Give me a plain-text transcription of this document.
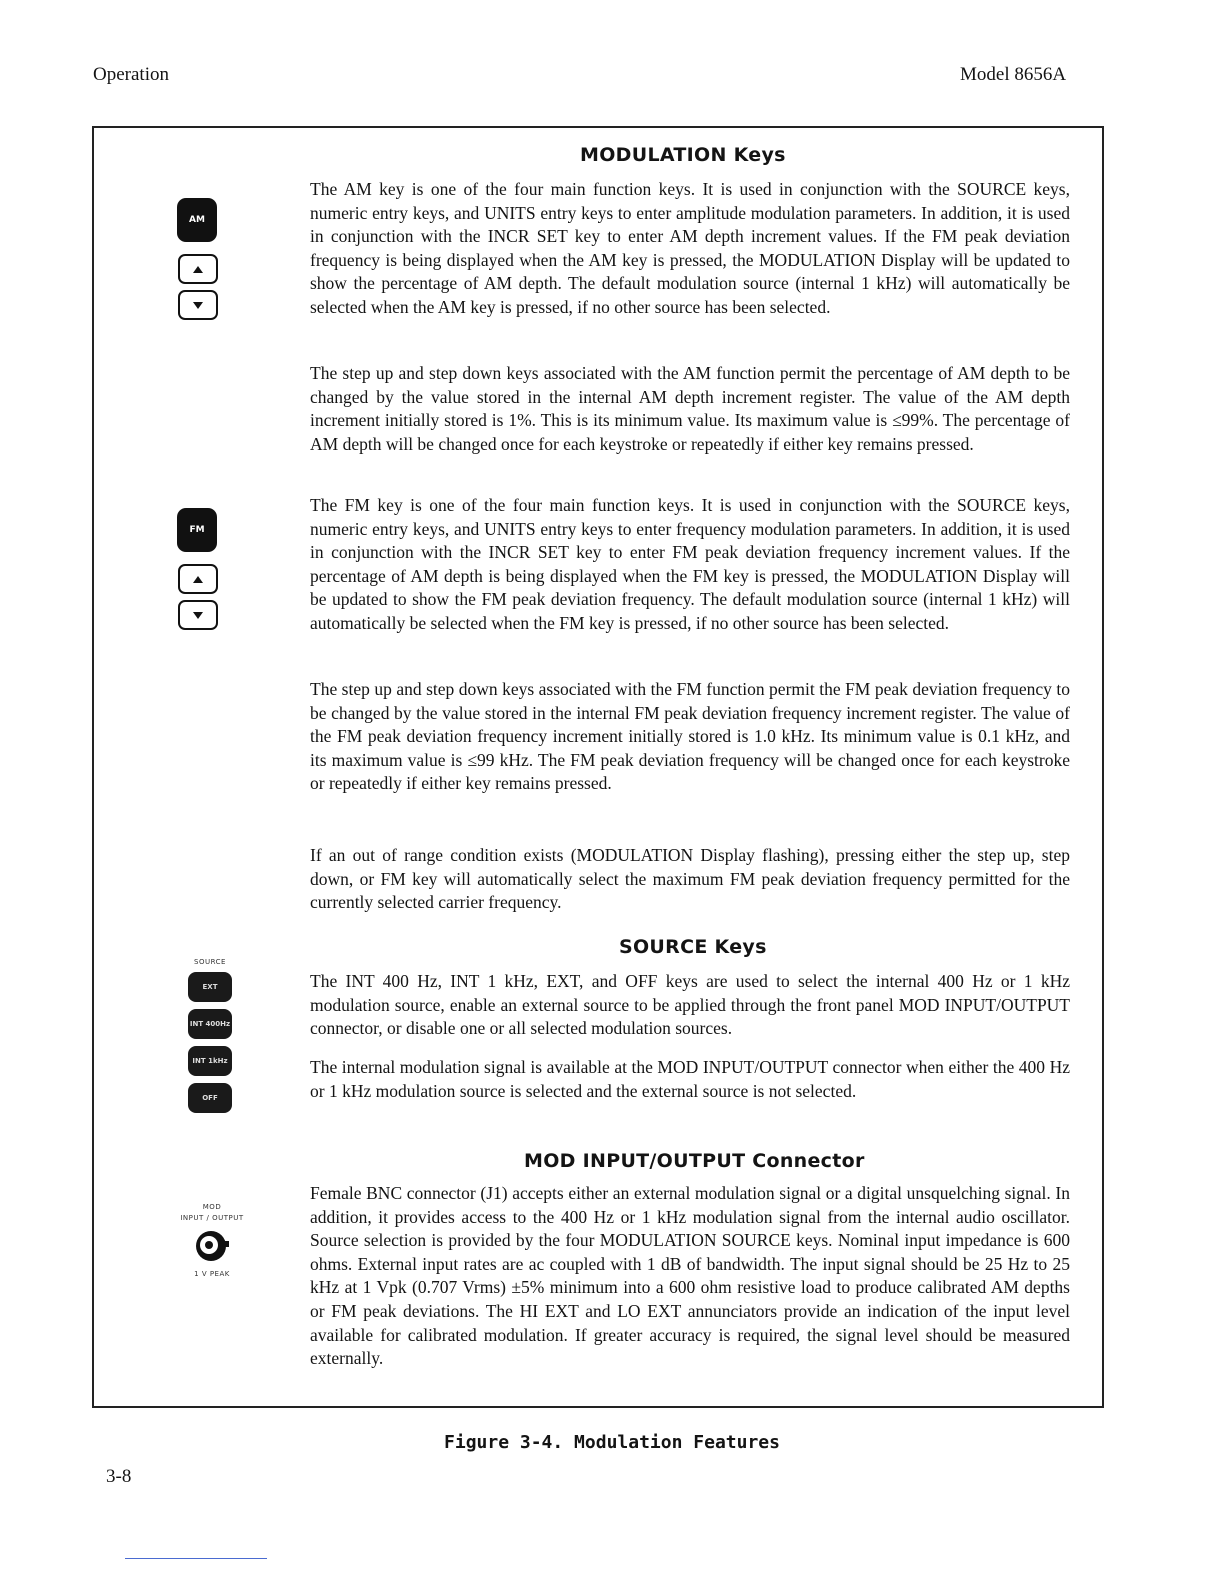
Operation	Model 8656A
MODULATION Keys

The AM key is one of the four main function keys. It is used in conjunction with the SOURCE keys, numeric entry keys, and UNITS entry keys to enter amplitude modulation parameters. In addition, it is used in conjunction with the INCR SET key to enter AM depth increment values. If the FM peak deviation frequency is being displayed when the AM key is pressed, the MODULATION Display will be updated to show the percentage of AM depth. The default modulation source (internal 1 kHz) will automatically be selected when the AM key is pressed, if no other source has been selected.

The step up and step down keys associated with the AM function permit the percentage of AM depth to be changed by the value stored in the internal AM depth increment register. The value of the AM depth increment initially stored is 1%. This is its minimum value. Its maximum value is ≤99%. The percentage of AM depth will be changed once for each keystroke or repeatedly if either key remains pressed.

The FM key is one of the four main function keys. It is used in conjunction with the SOURCE keys, numeric entry keys, and UNITS entry keys to enter frequency modulation parameters. In addition, it is used in conjunction with the INCR SET key to enter FM peak deviation frequency increment values. If the percentage of AM depth is being displayed when the FM key is pressed, the MODULATION Display will be updated to show the FM peak deviation frequency. The default modulation source (internal 1 kHz) will automatically be selected when the FM key is pressed, if no other source has been selected.

The step up and step down keys associated with the FM function permit the FM peak deviation frequency to be changed by the value stored in the internal FM peak deviation frequency increment register. The value of the FM peak deviation frequency increment initially stored is 1.0 kHz. Its minimum value is 0.1 kHz, and its maximum value is ≤99 kHz. The FM peak deviation frequency will be changed once for each keystroke or repeatedly if either key remains pressed.

If an out of range condition exists (MODULATION Display flashing), pressing either the step up, step down, or FM key will automatically select the maximum FM peak deviation frequency permitted for the currently selected carrier frequency.

SOURCE Keys

The INT 400 Hz, INT 1 kHz, EXT, and OFF keys are used to select the internal 400 Hz or 1 kHz modulation source, enable an external source to be applied through the front panel MOD INPUT/OUTPUT connector, or disable one or all selected modulation sources.

The internal modulation signal is available at the MOD INPUT/OUTPUT connector when either the 400 Hz or 1 kHz modulation source is selected and the external source is not selected.

MOD INPUT/OUTPUT Connector

Female BNC connector (J1) accepts either an external modulation signal or a digital unsquelching signal. In addition, it provides access to the 400 Hz or 1 kHz modulation signal from the internal audio oscillator. Source selection is provided by the four MODULATION SOURCE keys. Nominal input impedance is 600 ohms. External input rates are ac coupled with 1 dB of bandwidth. The input signal should be 25 Hz to 25 kHz at 1 Vpk (0.707 Vrms) ±5% minimum into a 600 ohm resistive load to produce calibrated AM depths or FM peak deviations. The HI EXT and LO EXT annunciators provide an indication of the input level available for calibrated modulation. If greater accuracy is required, the signal level should be measured externally.

AM
FM
SOURCE
EXT
INT 400Hz
INT 1kHz
OFF
MOD
INPUT / OUTPUT
1 V PEAK
Figure 3-4. Modulation Features
3-8
